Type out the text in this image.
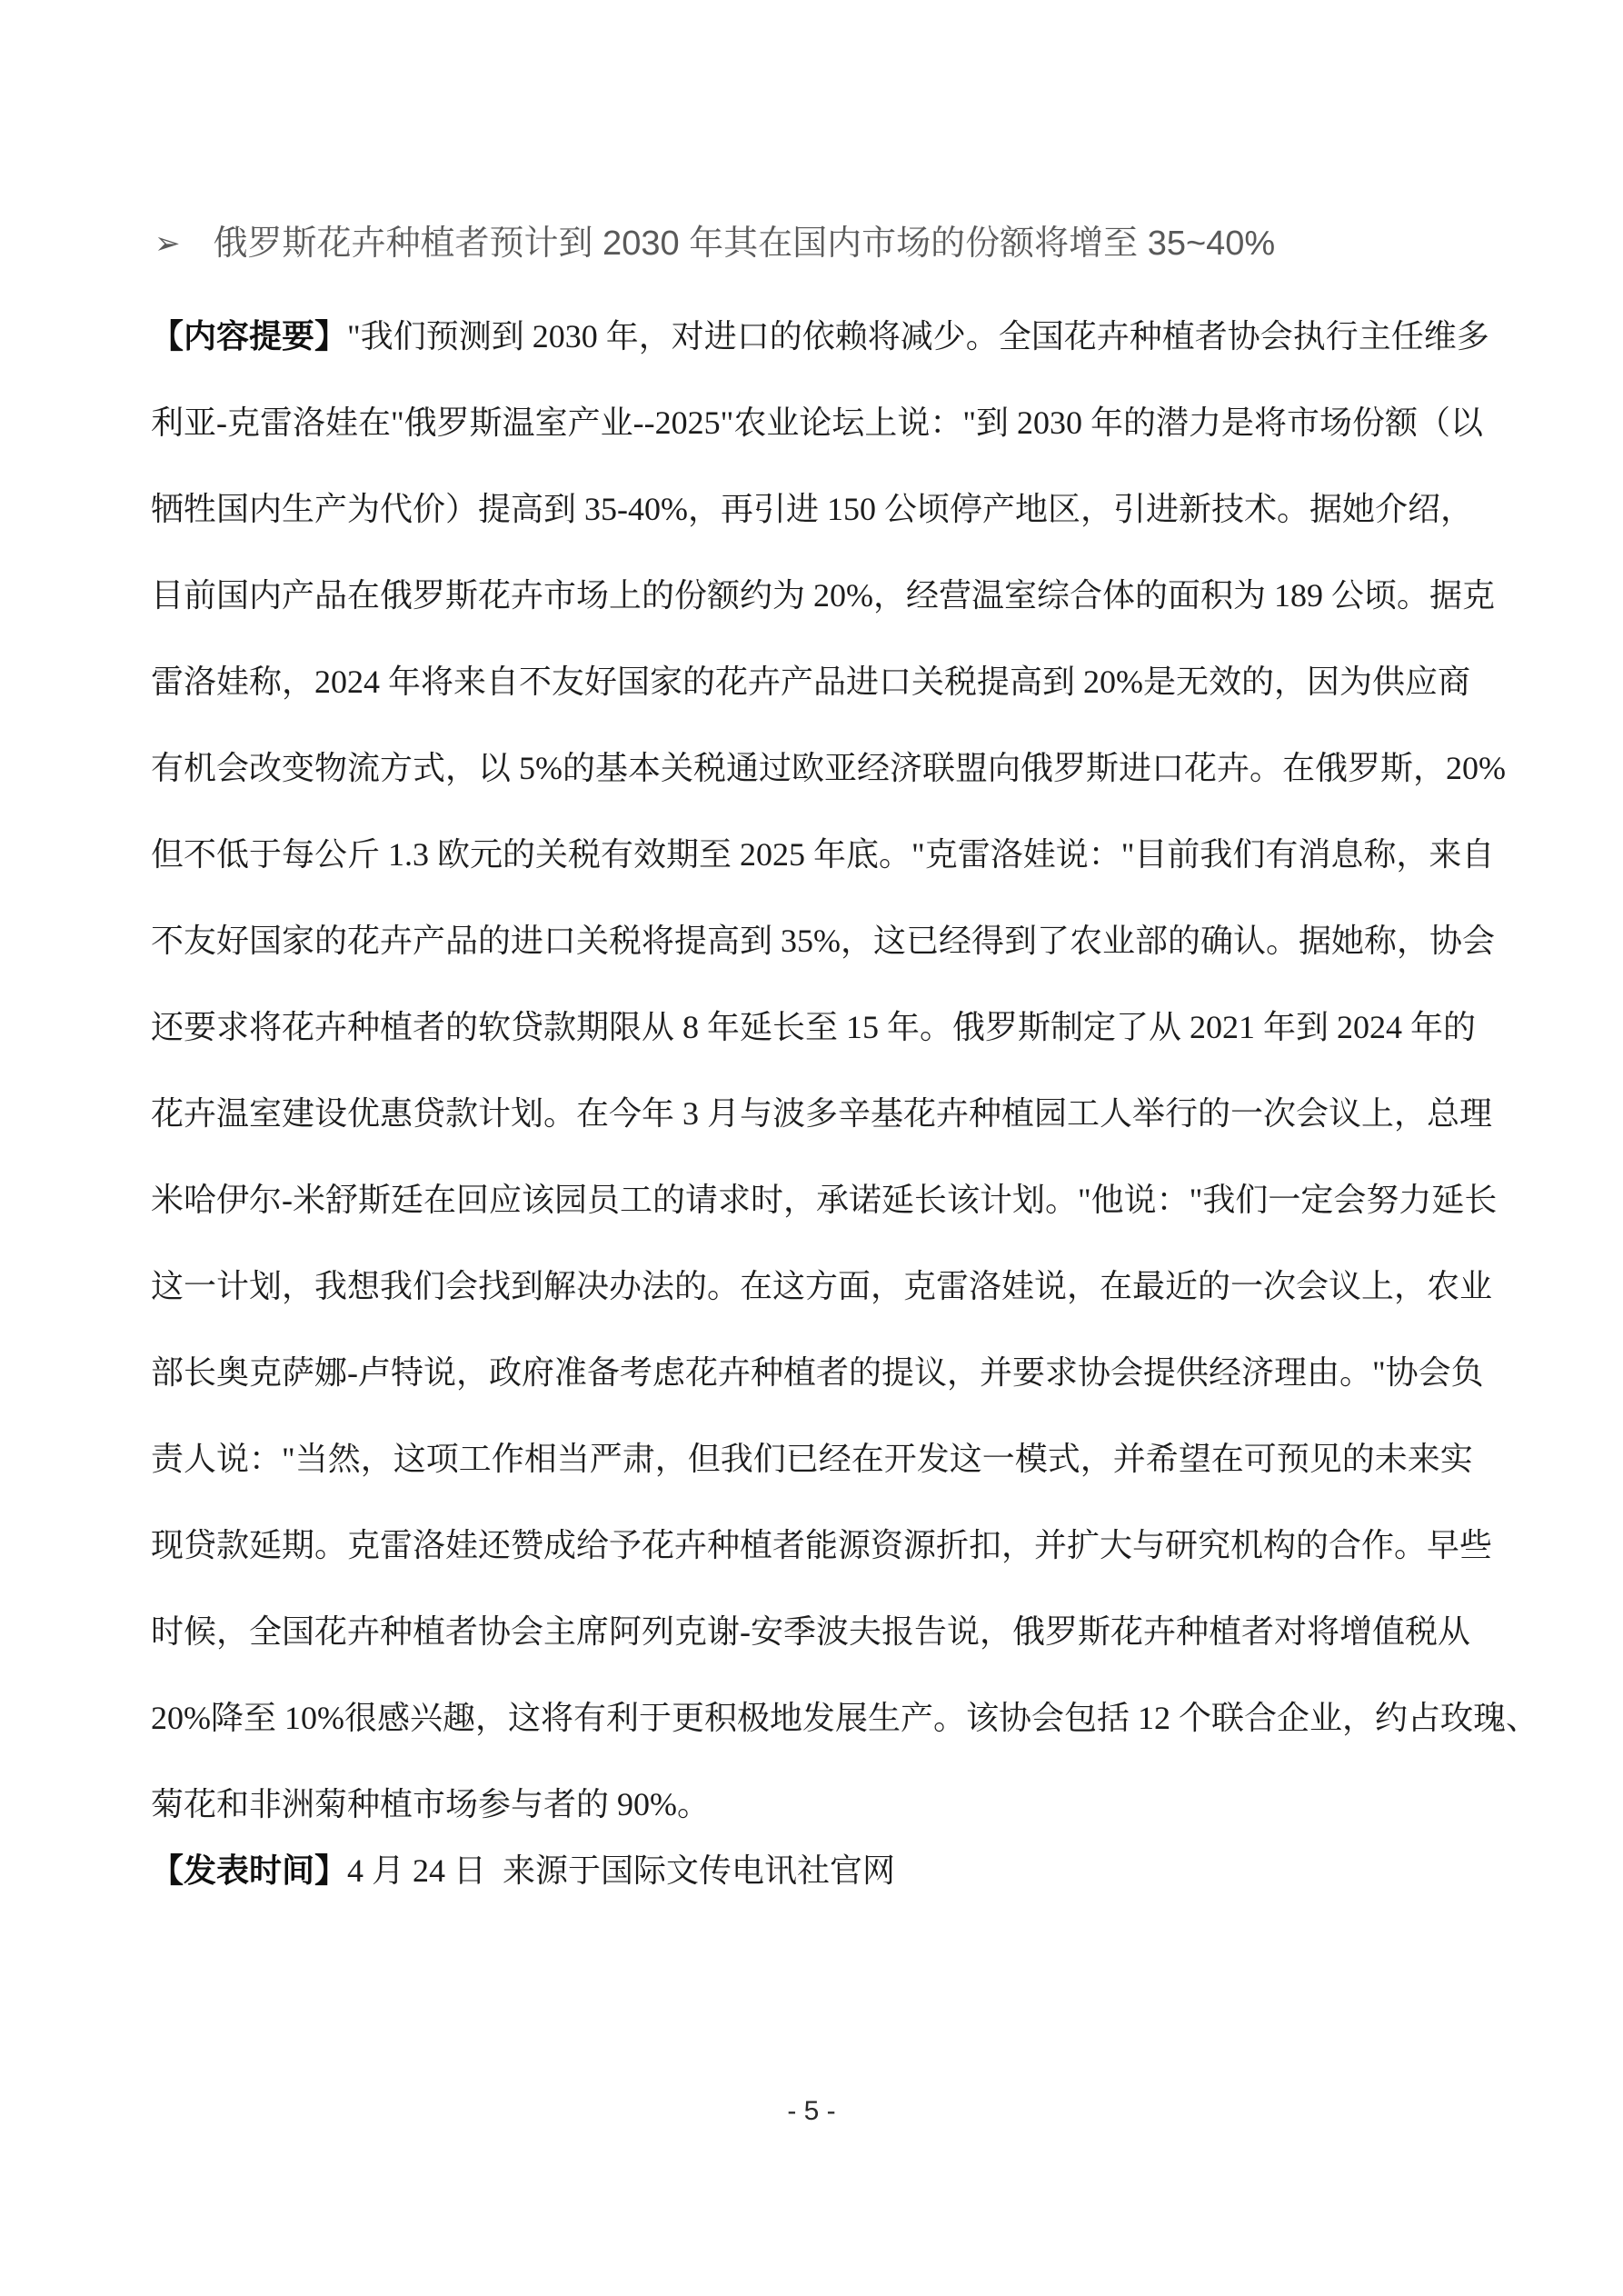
➢ 俄罗斯花卉种植者预计到 2030 年其在国内市场的份额将增至 35~40%
【内容提要】"我们预测到 2030 年，对进口的依赖将减少。全国花卉种植者协会执行主任维多
利亚-克雷洛娃在"俄罗斯温室产业--2025"农业论坛上说："到 2030 年的潜力是将市场份额（以
牺牲国内生产为代价）提高到 35-40%，再引进 150 公顷停产地区，引进新技术。据她介绍，
目前国内产品在俄罗斯花卉市场上的份额约为 20%，经营温室综合体的面积为 189 公顷。据克
雷洛娃称，2024 年将来自不友好国家的花卉产品进口关税提高到 20%是无效的，因为供应商
有机会改变物流方式，以 5%的基本关税通过欧亚经济联盟向俄罗斯进口花卉。在俄罗斯，20%
但不低于每公斤 1.3 欧元的关税有效期至 2025 年底。"克雷洛娃说："目前我们有消息称，来自
不友好国家的花卉产品的进口关税将提高到 35%，这已经得到了农业部的确认。据她称，协会
还要求将花卉种植者的软贷款期限从 8 年延长至 15 年。俄罗斯制定了从 2021 年到 2024 年的
花卉温室建设优惠贷款计划。在今年 3 月与波多辛基花卉种植园工人举行的一次会议上，总理
米哈伊尔-米舒斯廷在回应该园员工的请求时，承诺延长该计划。"他说："我们一定会努力延长
这一计划，我想我们会找到解决办法的。在这方面，克雷洛娃说，在最近的一次会议上，农业
部长奥克萨娜-卢特说，政府准备考虑花卉种植者的提议，并要求协会提供经济理由。"协会负
责人说："当然，这项工作相当严肃，但我们已经在开发这一模式，并希望在可预见的未来实
现贷款延期。克雷洛娃还赞成给予花卉种植者能源资源折扣，并扩大与研究机构的合作。早些
时候，全国花卉种植者协会主席阿列克谢-安季波夫报告说，俄罗斯花卉种植者对将增值税从
20%降至 10%很感兴趣，这将有利于更积极地发展生产。该协会包括 12 个联合企业，约占玫瑰、
菊花和非洲菊种植市场参与者的 90%。
【发表时间】4 月 24 日  来源于国际文传电讯社官网
- 5 -
